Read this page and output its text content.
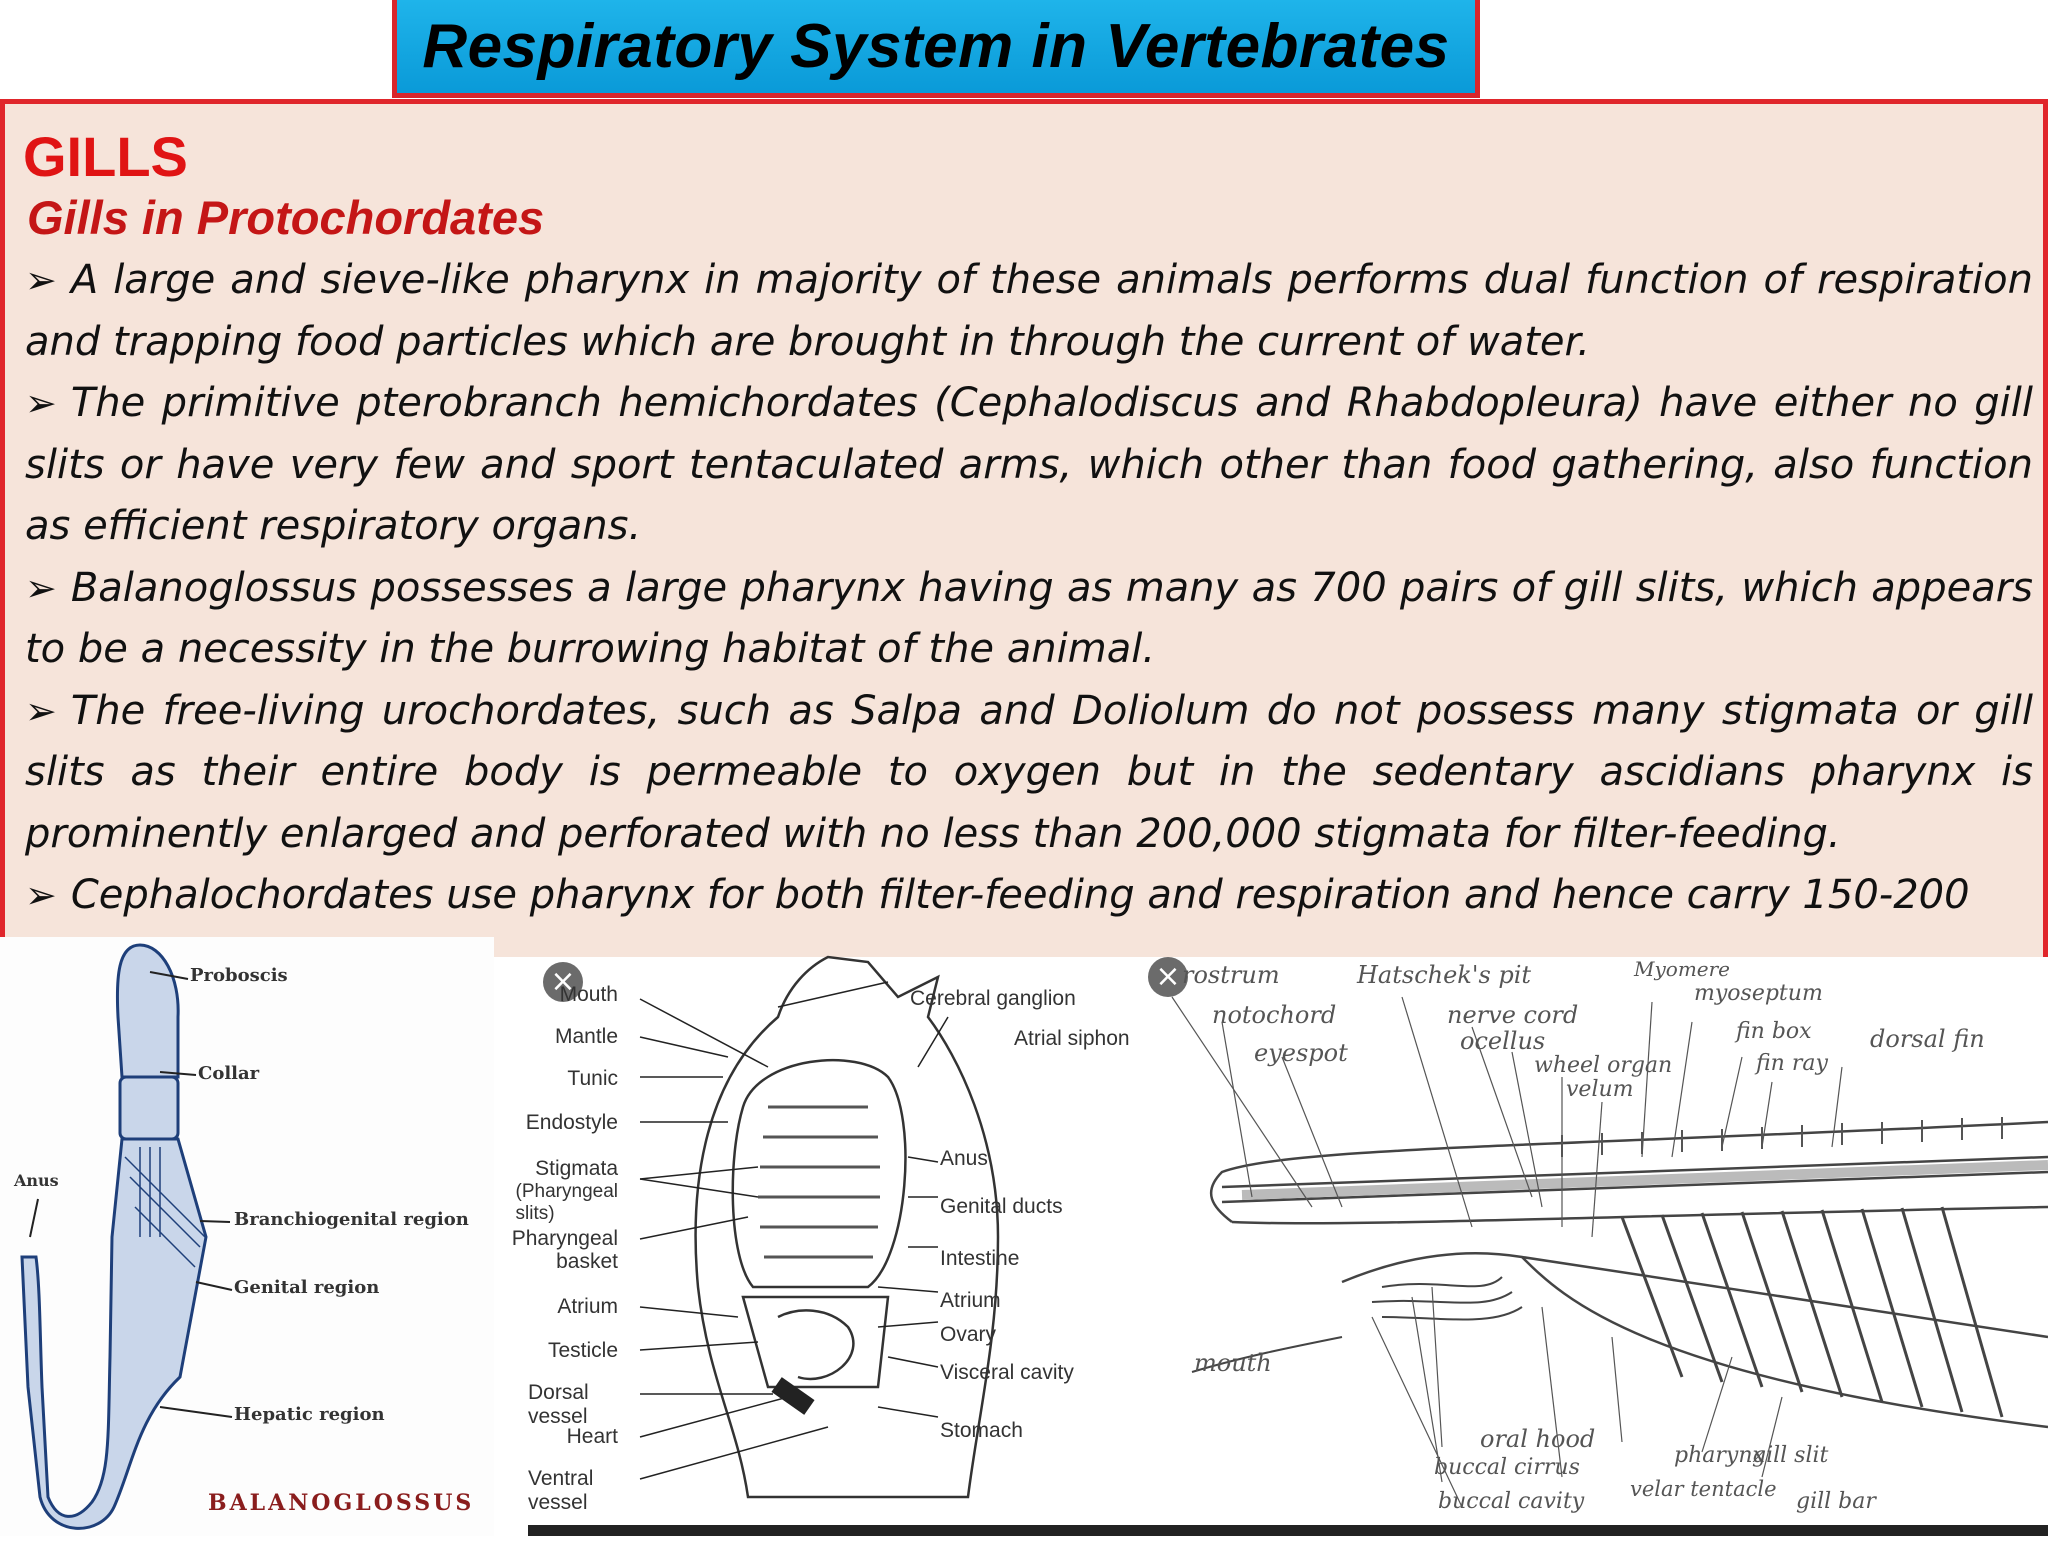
Respiratory System in Vertebrates
GILLS
Gills in Protochordates

➢ A large and sieve-like pharynx in majority of these animals performs dual function of respiration and trapping food particles which are brought in through the current of water.

➢ The primitive pterobranch hemichordates (Cephalodiscus and Rhabdopleura) have either no gill slits or have very few and sport tentaculated arms, which other than food gathering, also function as efficient respiratory organs.

➢ Balanoglossus possesses a large pharynx having as many as 700 pairs of gill slits, which appears to be a necessity in the burrowing habitat of the animal.

➢ The free-living urochordates, such as Salpa and Doliolum do not possess many stigmata or gill slits as their entire body is permeable to oxygen but in the sedentary ascidians pharynx is prominently enlarged and perforated with no less than 200,000 stigmata for filter-feeding.

➢ Cephalochordates use pharynx for both filter-feeding and respiration and hence carry 150-200

Proboscis
Collar
Anus
Branchiogenital region
Genital region
Hepatic region
BALANOGLOSSUS
×
Mouth
Mantle
Tunic
Endostyle
Stigmata
(Pharyngeal slits)
Pharyngeal
basket
Atrium
Testicle
Dorsal vessel
Heart
Ventral vessel
Cerebral ganglion
Atrial siphon
Anus
Genital ducts
Intestine
Atrium
Ovary
Visceral cavity
Stomach
× rostrum
notochord
eyespot
Hatschek's pit
nerve cord
ocellus
wheel organ
velum
Myomere
myoseptum
fin box
fin ray
dorsal fin
mouth
oral hood
buccal cirrus
buccal cavity velar tentacle
pharynx
gill slit
gill bar
